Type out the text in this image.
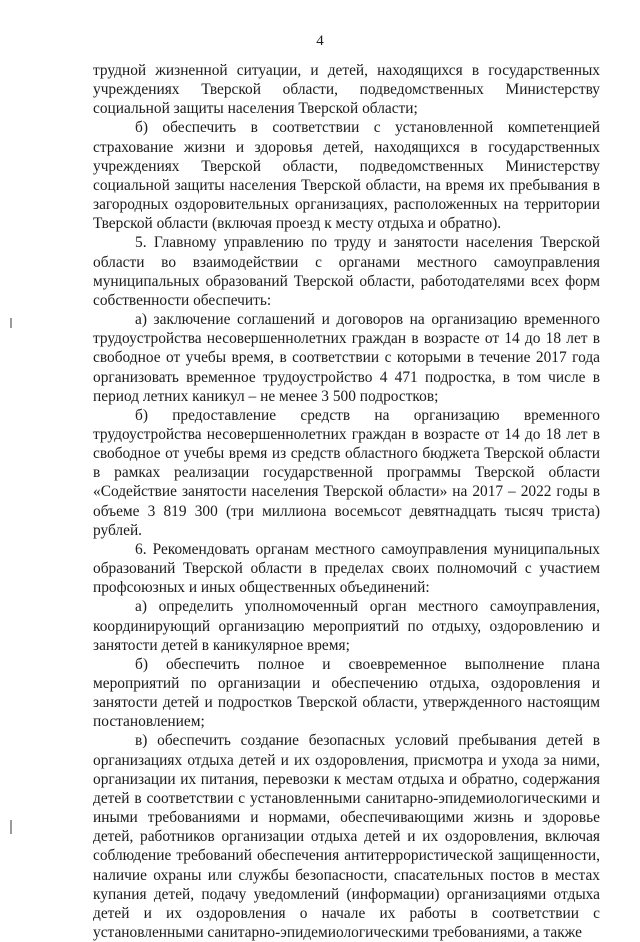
4

трудной жизненной ситуации, и детей, находящихся в государственных учреждениях Тверской области, подведомственных Министерству социальной защиты населения Тверской области;

б) обеспечить в соответствии с установленной компетенцией страхование жизни и здоровья детей, находящихся в государственных учреждениях Тверской области, подведомственных Министерству социальной защиты населения Тверской области, на время их пребывания в загородных оздоровительных организациях, расположенных на территории Тверской области (включая проезд к месту отдыха и обратно).

5. Главному управлению по труду и занятости населения Тверской области во взаимодействии с органами местного самоуправления муниципальных образований Тверской области, работодателями всех форм собственности обеспечить:

а) заключение соглашений и договоров на организацию временного трудоустройства несовершеннолетних граждан в возрасте от 14 до 18 лет в свободное от учебы время, в соответствии с которыми в течение 2017 года организовать временное трудоустройство 4 471 подростка, в том числе в период летних каникул – не менее 3 500 подростков;

б) предоставление средств на организацию временного трудоустройства несовершеннолетних граждан в возрасте от 14 до 18 лет в свободное от учебы время из средств областного бюджета Тверской области в рамках реализации государственной программы Тверской области «Содействие занятости населения Тверской области» на 2017 – 2022 годы в объеме 3 819 300 (три миллиона восемьсот девятнадцать тысяч триста) рублей.

6. Рекомендовать органам местного самоуправления муниципальных образований Тверской области в пределах своих полномочий с участием профсоюзных и иных общественных объединений:

а) определить уполномоченный орган местного самоуправления, координирующий организацию мероприятий по отдыху, оздоровлению и занятости детей в каникулярное время;

б) обеспечить полное и своевременное выполнение плана мероприятий по организации и обеспечению отдыха, оздоровления и занятости детей и подростков Тверской области, утвержденного настоящим постановлением;

в) обеспечить создание безопасных условий пребывания детей в организациях отдыха детей и их оздоровления, присмотра и ухода за ними, организации их питания, перевозки к местам отдыха и обратно, содержания детей в соответствии с установленными санитарно-эпидемиологическими и иными требованиями и нормами, обеспечивающими жизнь и здоровье детей, работников организации отдыха детей и их оздоровления, включая соблюдение требований обеспечения антитеррористической защищенности, наличие охраны или службы безопасности, спасательных постов в местах купания детей, подачу уведомлений (информации) организациями отдыха детей и их оздоровления о начале их работы в соответствии с установленными санитарно-эпидемиологическими требованиями, а также
